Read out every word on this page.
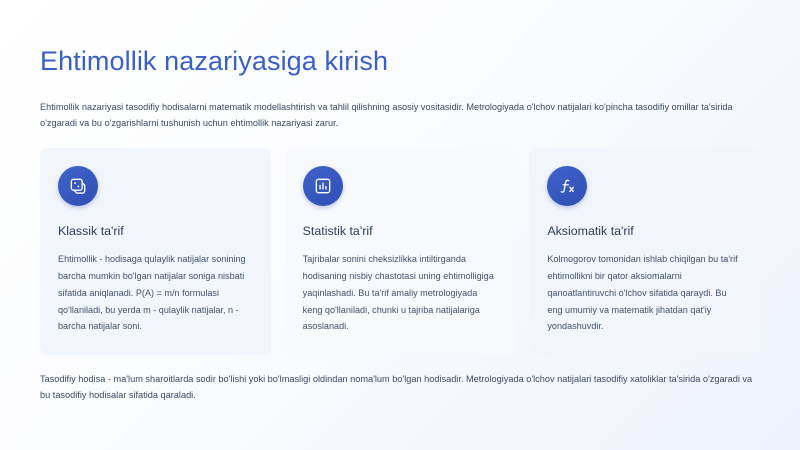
Ehtimollik nazariyasiga kirish

Ehtimollik nazariyasi tasodifiy hodisalarni matematik modellashtirish va tahlil qilishning asosiy vositasidir. Metrologiyada o'lchov natijalari ko'pincha tasodifiy omillar ta'sirida o'zgaradi va bu o'zgarishlarni tushunish uchun ehtimollik nazariyasi zarur.

Klassik ta'rif

Ehtimollik - hodisaga qulaylik natijalar sonining barcha mumkin bo'lgan natijalar soniga nisbati sifatida aniqlanadi. P(A) = m/n formulasi qo'llaniladi, bu yerda m - qulaylik natijalar, n - barcha natijalar soni.

Statistik ta'rif

Tajribalar sonini cheksizlikka intiltirganda hodisaning nisbiy chastotasi uning ehtimolligiga yaqinlashadi. Bu ta'rif amaliy metrologiyada keng qo'llaniladi, chunki u tajriba natijalariga asoslanadi.

Aksiomatik ta'rif

Kolmogorov tomonidan ishlab chiqilgan bu ta'rif ehtimollikni bir qator aksiomalarni qanoatlantiruvchi o'lchov sifatida qaraydi. Bu eng umumiy va matematik jihatdan qat'iy yondashuvdir.

Tasodifiy hodisa - ma'lum sharoitlarda sodir bo'lishi yoki bo'lmasligi oldindan noma'lum bo'lgan hodisadir. Metrologiyada o'lchov natijalari tasodifiy xatoliklar ta'sirida o'zgaradi va bu tasodifiy hodisalar sifatida qaraladi.
